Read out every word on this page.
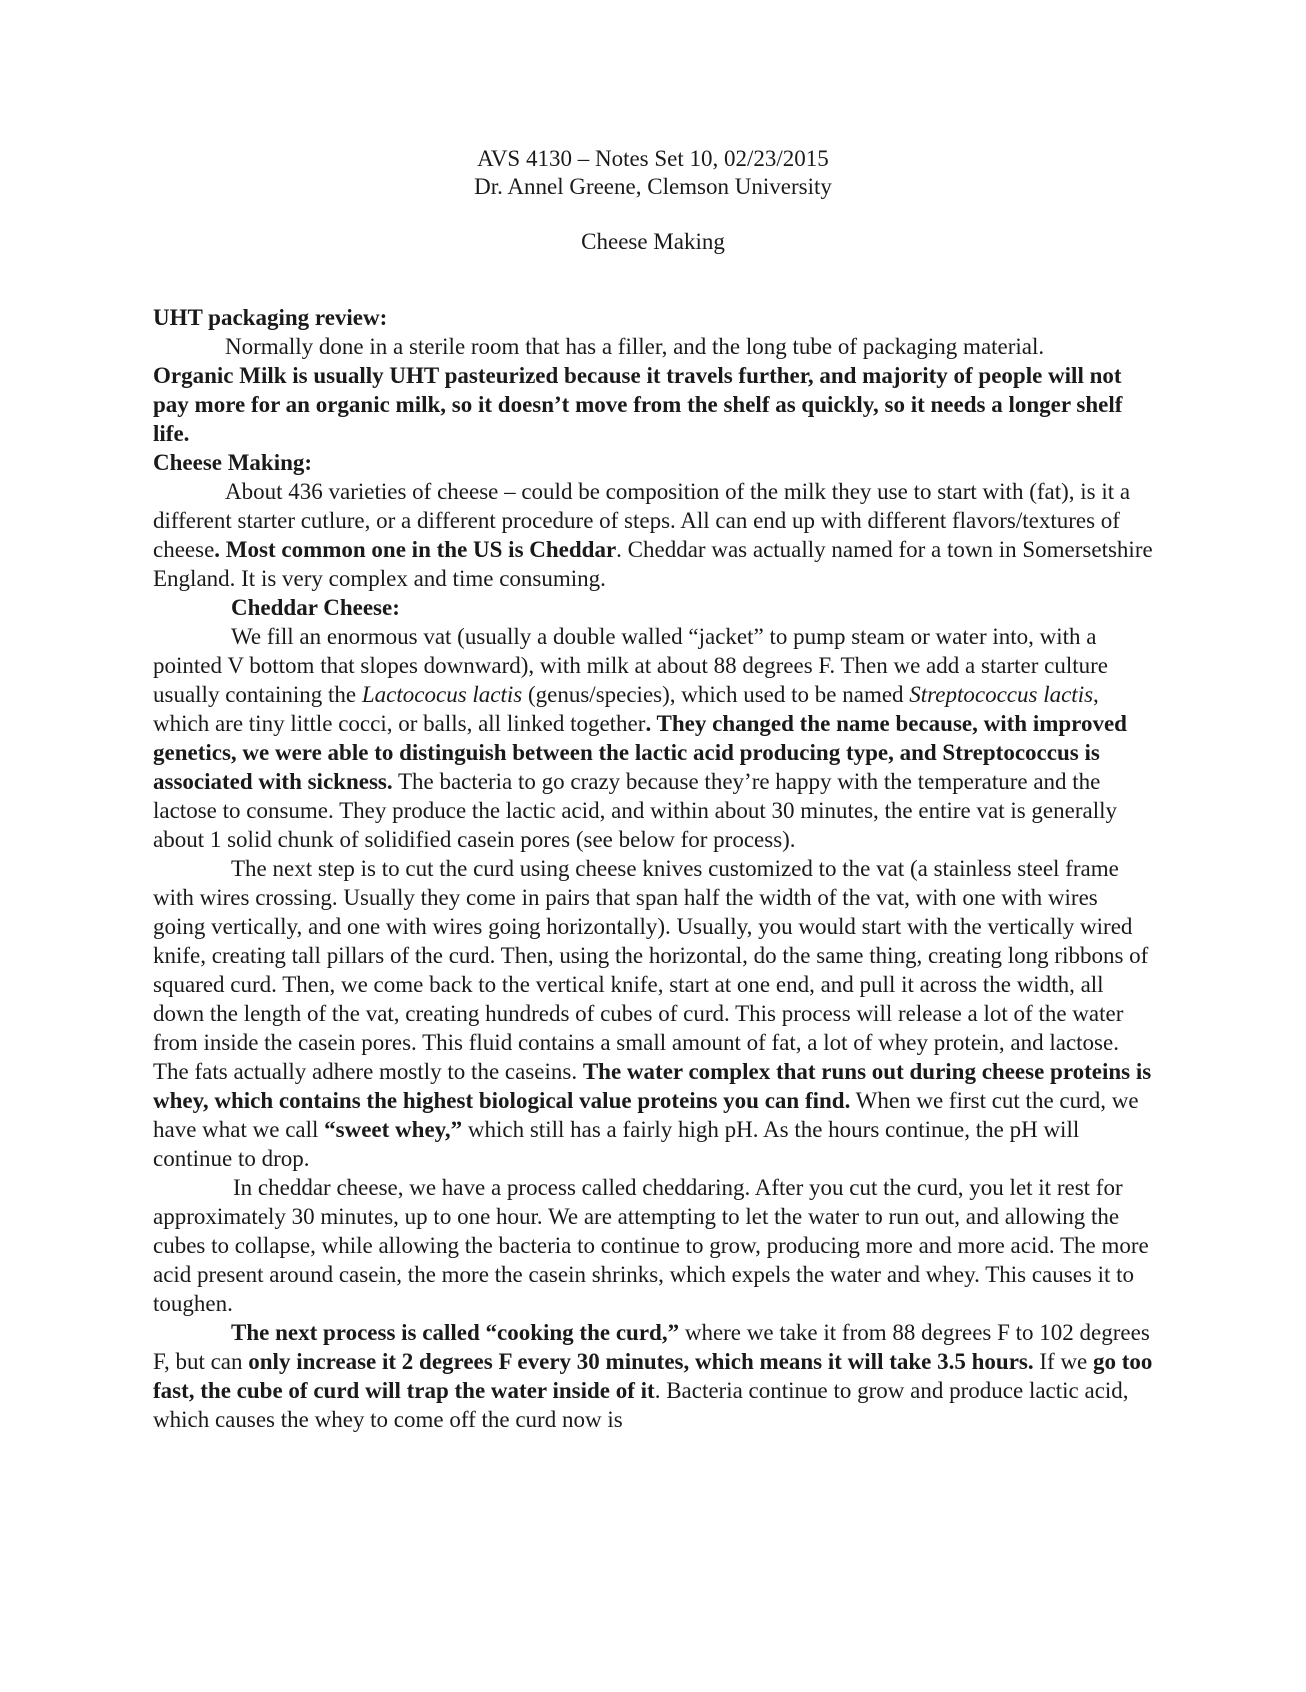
AVS 4130 – Notes Set 10, 02/23/2015
Dr. Annel Greene, Clemson University
Cheese Making

UHT packaging review:

Normally done in a sterile room that has a filler, and the long tube of packaging material.

Organic Milk is usually UHT pasteurized because it travels further, and majority of people will not pay more for an organic milk, so it doesn’t move from the shelf as quickly, so it needs a longer shelf life.

Cheese Making:

About 436 varieties of cheese – could be composition of the milk they use to start with (fat), is it a different starter cutlure, or a different procedure of steps. All can end up with different flavors/textures of cheese. Most common one in the US is Cheddar. Cheddar was actually named for a town in Somersetshire England. It is very complex and time consuming.

Cheddar Cheese:

We fill an enormous vat (usually a double walled “jacket” to pump steam or water into, with a pointed V bottom that slopes downward), with milk at about 88 degrees F. Then we add a starter culture usually containing the Lactococus lactis (genus/species), which used to be named Streptococcus lactis, which are tiny little cocci, or balls, all linked together. They changed the name because, with improved genetics, we were able to distinguish between the lactic acid producing type, and Streptococcus is associated with sickness. The bacteria to go crazy because they’re happy with the temperature and the lactose to consume. They produce the lactic acid, and within about 30 minutes, the entire vat is generally about 1 solid chunk of solidified casein pores (see below for process).

The next step is to cut the curd using cheese knives customized to the vat (a stainless steel frame with wires crossing. Usually they come in pairs that span half the width of the vat, with one with wires going vertically, and one with wires going horizontally). Usually, you would start with the vertically wired knife, creating tall pillars of the curd. Then, using the horizontal, do the same thing, creating long ribbons of squared curd. Then, we come back to the vertical knife, start at one end, and pull it across the width, all down the length of the vat, creating hundreds of cubes of curd. This process will release a lot of the water from inside the casein pores. This fluid contains a small amount of fat, a lot of whey protein, and lactose. The fats actually adhere mostly to the caseins. The water complex that runs out during cheese proteins is whey, which contains the highest biological value proteins you can find. When we first cut the curd, we have what we call “sweet whey,” which still has a fairly high pH. As the hours continue, the pH will continue to drop.

In cheddar cheese, we have a process called cheddaring. After you cut the curd, you let it rest for approximately 30 minutes, up to one hour. We are attempting to let the water to run out, and allowing the cubes to collapse, while allowing the bacteria to continue to grow, producing more and more acid. The more acid present around casein, the more the casein shrinks, which expels the water and whey. This causes it to toughen.

The next process is called “cooking the curd,” where we take it from 88 degrees F to 102 degrees F, but can only increase it 2 degrees F every 30 minutes, which means it will take 3.5 hours. If we go too fast, the cube of curd will trap the water inside of it. Bacteria continue to grow and produce lactic acid, which causes the whey to come off the curd now is
